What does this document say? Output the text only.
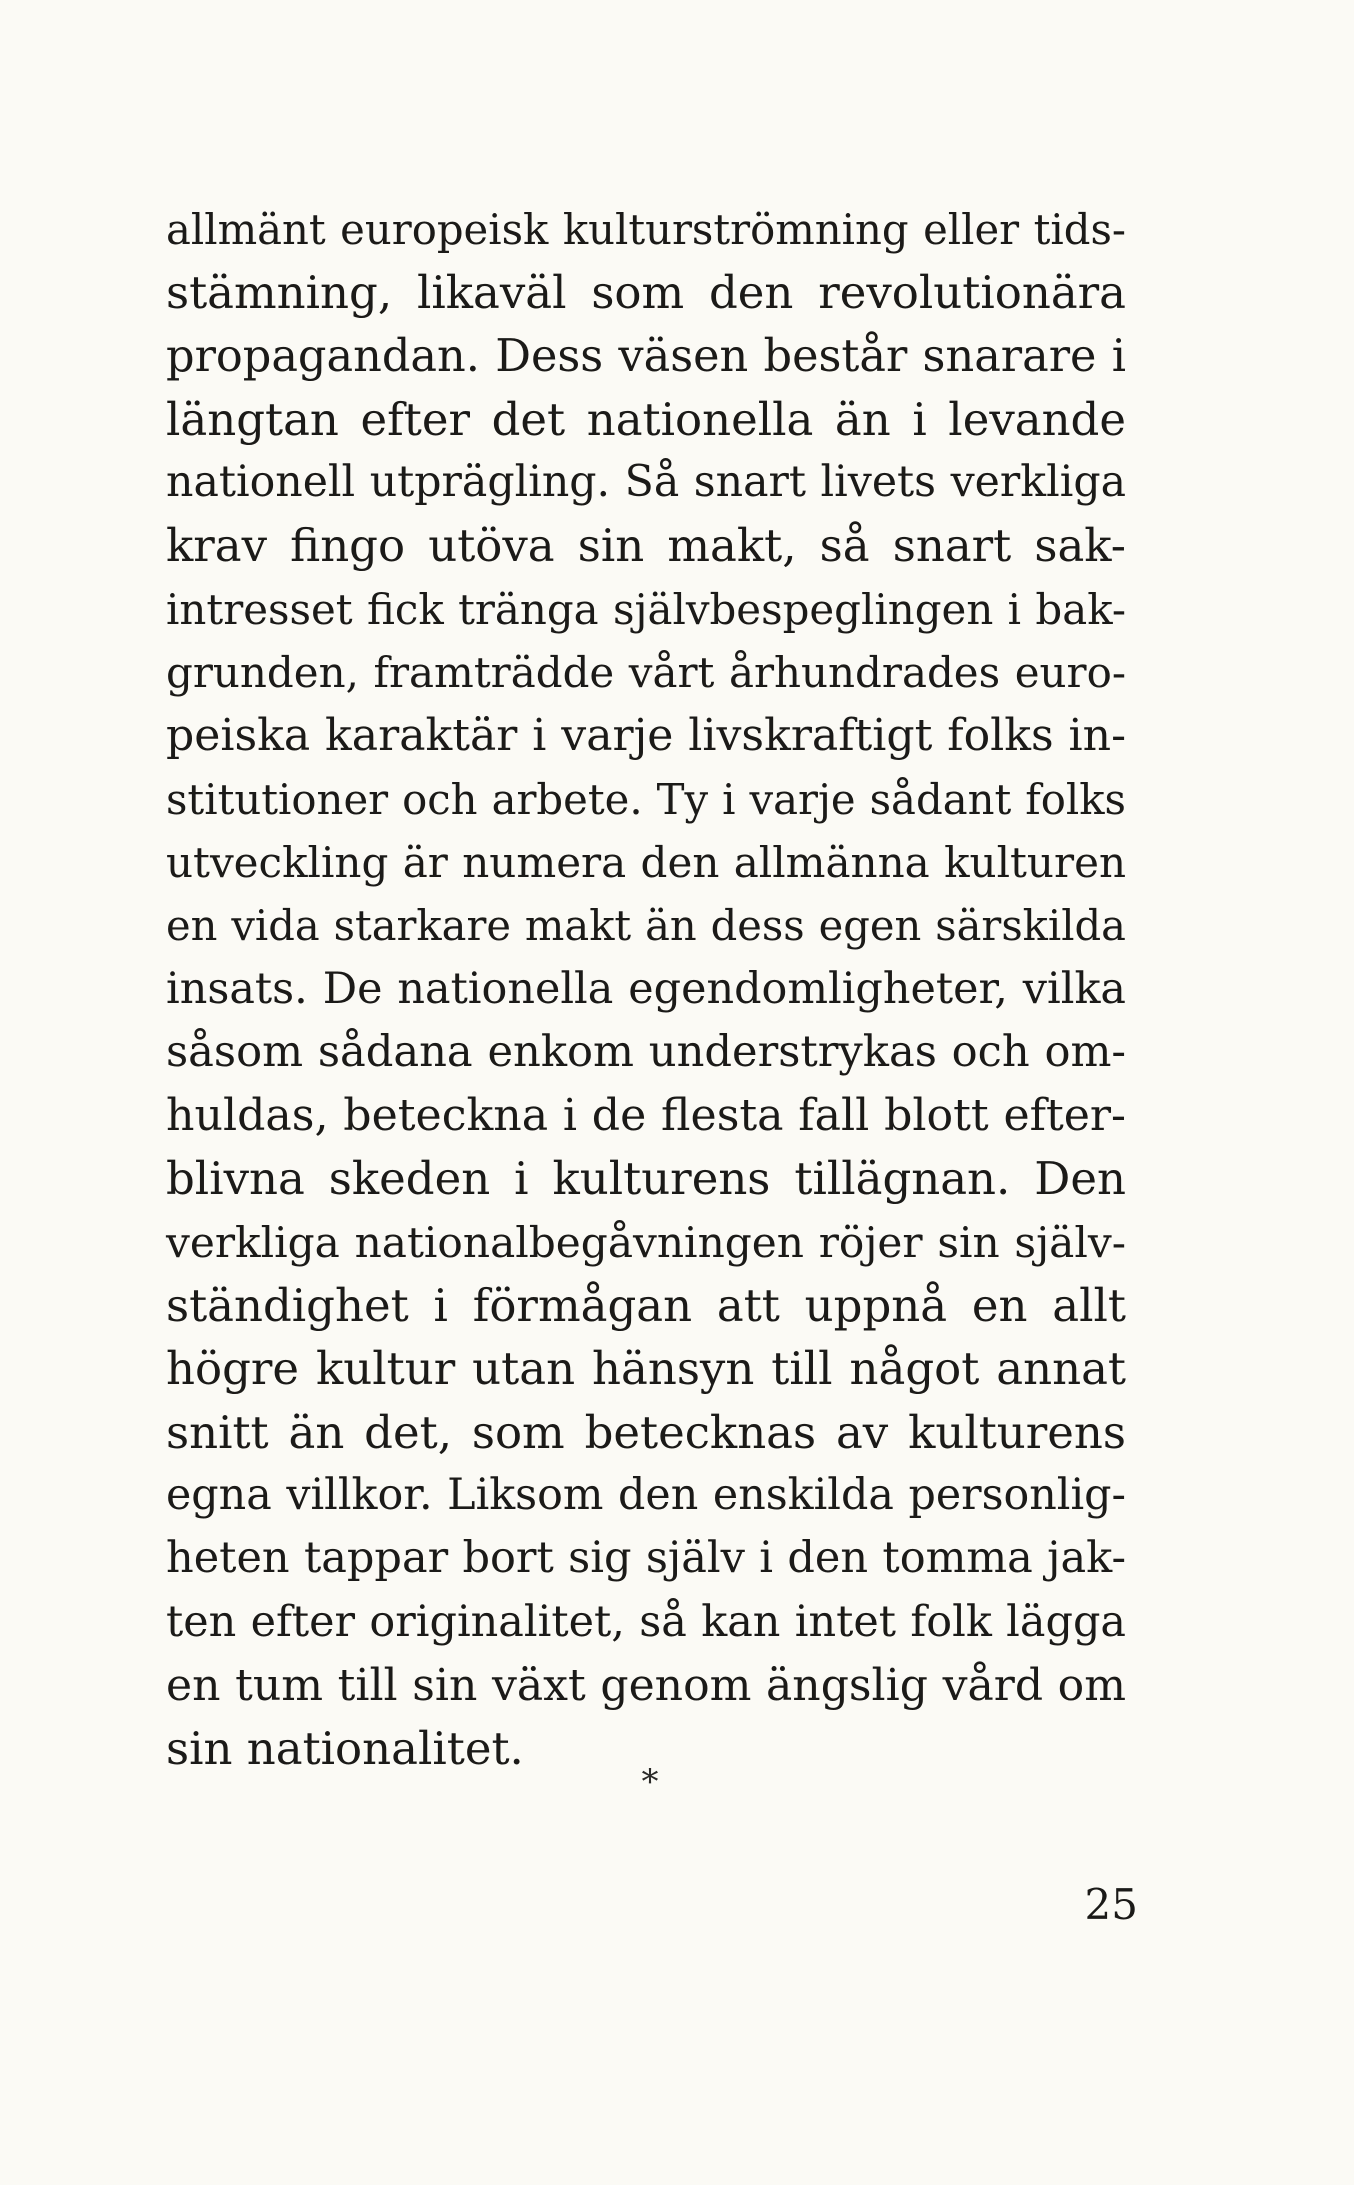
allmänt europeisk kulturströmning eller tids-
stämning, likaväl som den revolutionära
propagandan. Dess väsen består snarare i
längtan efter det nationella än i levande
nationell utprägling. Så snart livets verkliga
krav fingo utöva sin makt, så snart sak-
intresset fick tränga självbespeglingen i bak-
grunden, framträdde vårt århundrades euro-
peiska karaktär i varje livskraftigt folks in-
stitutioner och arbete. Ty i varje sådant folks
utveckling är numera den allmänna kulturen
en vida starkare makt än dess egen särskilda
insats. De nationella egendomligheter, vilka
såsom sådana enkom understrykas och om-
huldas, beteckna i de flesta fall blott efter-
blivna skeden i kulturens tillägnan. Den
verkliga nationalbegåvningen röjer sin själv-
ständighet i förmågan att uppnå en allt
högre kultur utan hänsyn till något annat
snitt än det, som betecknas av kulturens
egna villkor. Liksom den enskilda personlig-
heten tappar bort sig själv i den tomma jak-
ten efter originalitet, så kan intet folk lägga
en tum till sin växt genom ängslig vård om
sin nationalitet.
*
25
